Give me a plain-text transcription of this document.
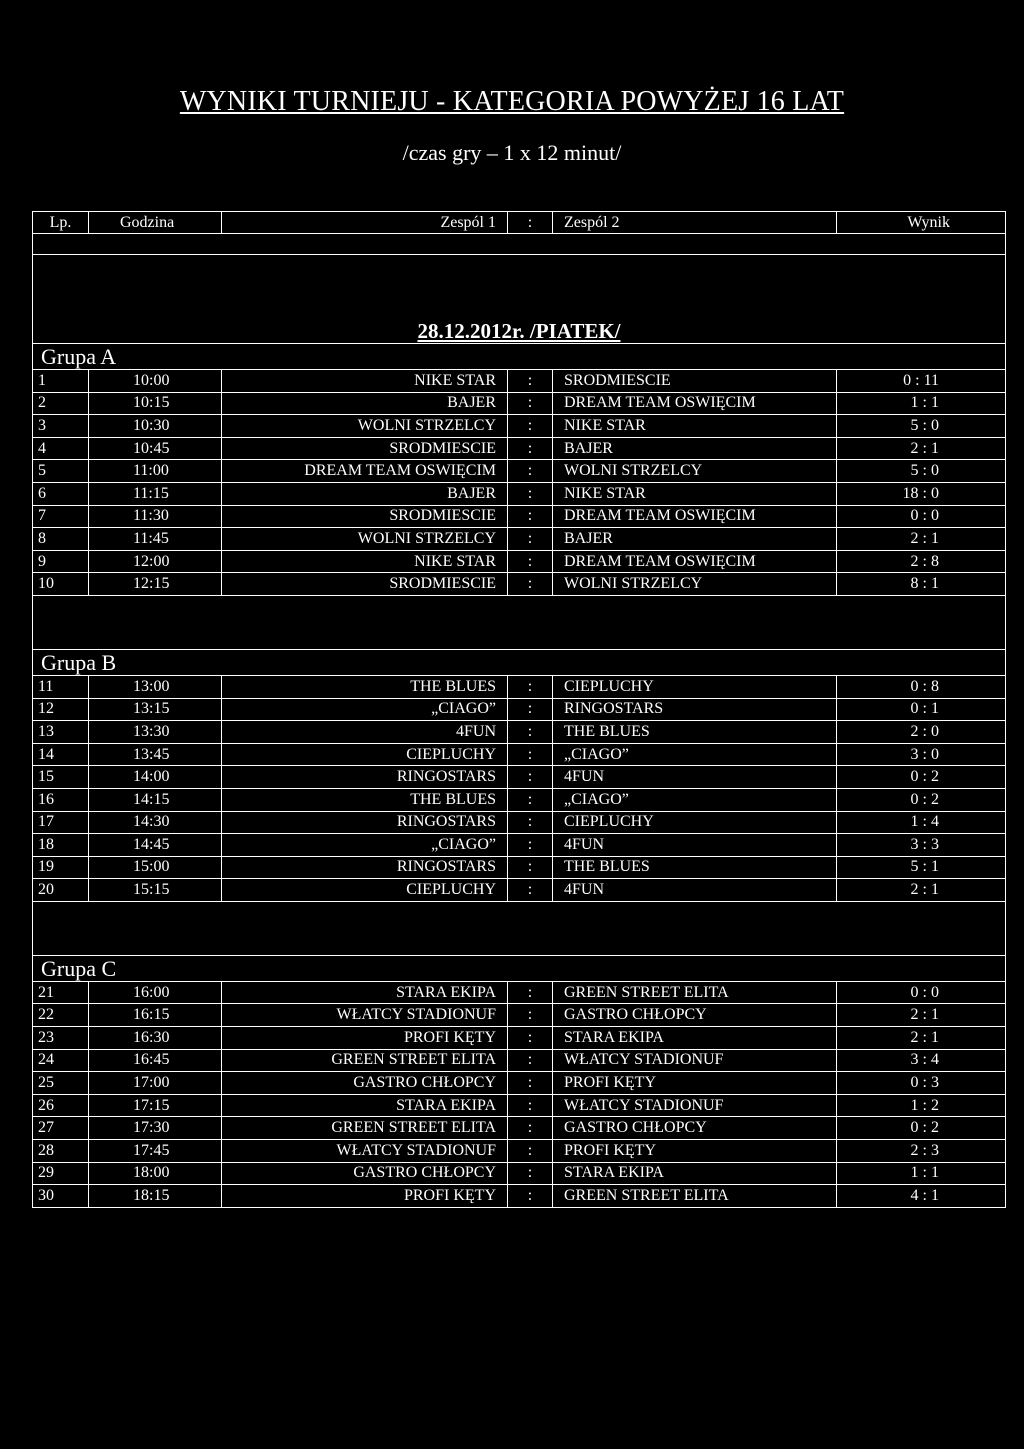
WYNIKI TURNIEJU - KATEGORIA POWYŻEJ 16 LAT
/czas gry – 1 x 12 minut/
Lp.	Godzina	Zespól 1	:	Zespól 2	Wynik

28.12.2012r. /PIATEK/					
Grupa A					
1	10:00	NIKE STAR	:	SRODMIESCIE	0 : 11
2	10:15	BAJER	:	DREAM TEAM OSWIĘCIM	1 : 1
3	10:30	WOLNI STRZELCY	:	NIKE STAR	5 : 0
4	10:45	SRODMIESCIE	:	BAJER	2 : 1
5	11:00	DREAM TEAM OSWIĘCIM	:	WOLNI STRZELCY	5 : 0
6	11:15	BAJER	:	NIKE STAR	18 : 0
7	11:30	SRODMIESCIE	:	DREAM TEAM OSWIĘCIM	0 : 0
8	11:45	WOLNI STRZELCY	:	BAJER	2 : 1
9	12:00	NIKE STAR	:	DREAM TEAM OSWIĘCIM	2 : 8
10	12:15	SRODMIESCIE	:	WOLNI STRZELCY	8 : 1

Grupa B					
11	13:00	THE BLUES	:	CIEPLUCHY	0 : 8
12	13:15	„CIAGO”	:	RINGOSTARS	0 : 1
13	13:30	4FUN	:	THE BLUES	2 : 0
14	13:45	CIEPLUCHY	:	„CIAGO”	3 : 0
15	14:00	RINGOSTARS	:	4FUN	0 : 2
16	14:15	THE BLUES	:	„CIAGO”	0 : 2
17	14:30	RINGOSTARS	:	CIEPLUCHY	1 : 4
18	14:45	„CIAGO”	:	4FUN	3 : 3
19	15:00	RINGOSTARS	:	THE BLUES	5 : 1
20	15:15	CIEPLUCHY	:	4FUN	2 : 1

Grupa C					
21	16:00	STARA EKIPA	:	GREEN STREET ELITA	0 : 0
22	16:15	WŁATCY STADIONUF	:	GASTRO CHŁOPCY	2 : 1
23	16:30	PROFI KĘTY	:	STARA EKIPA	2 : 1
24	16:45	GREEN STREET ELITA	:	WŁATCY STADIONUF	3 : 4
25	17:00	GASTRO CHŁOPCY	:	PROFI KĘTY	0 : 3
26	17:15	STARA EKIPA	:	WŁATCY STADIONUF	1 : 2
27	17:30	GREEN STREET ELITA	:	GASTRO CHŁOPCY	0 : 2
28	17:45	WŁATCY STADIONUF	:	PROFI KĘTY	2 : 3
29	18:00	GASTRO CHŁOPCY	:	STARA EKIPA	1 : 1
30	18:15	PROFI KĘTY	:	GREEN STREET ELITA	4 : 1
